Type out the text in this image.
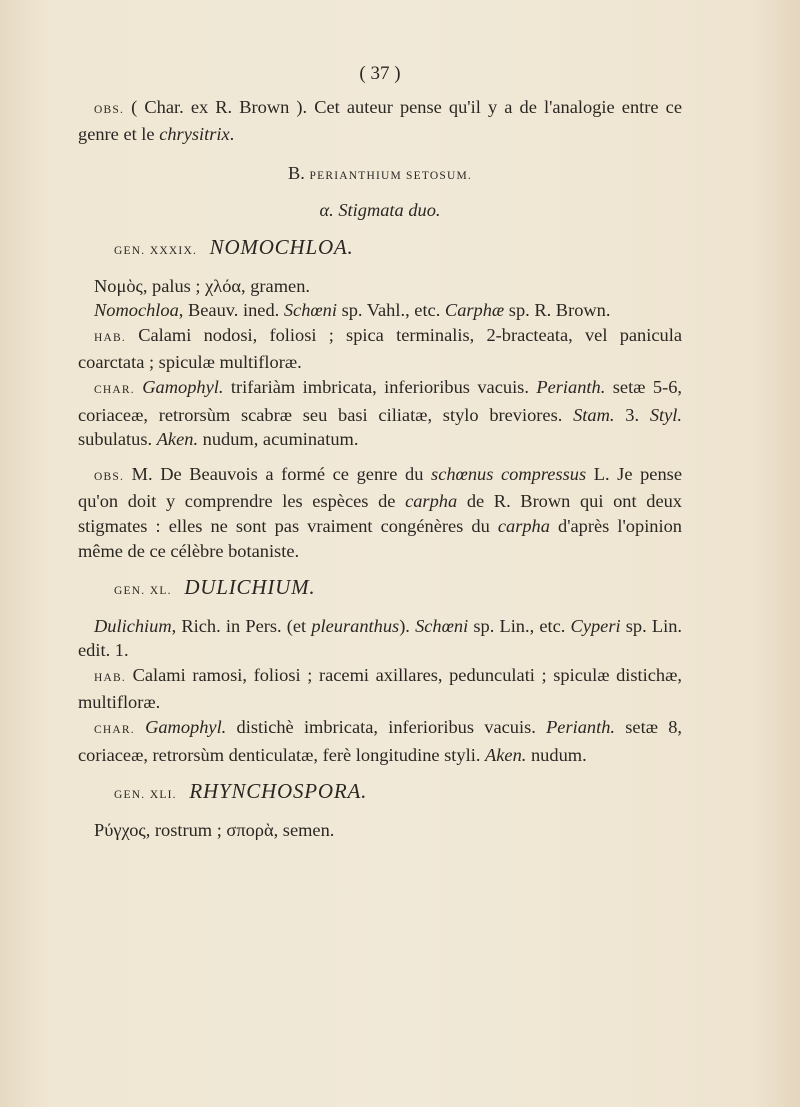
( 37 )

OBS. ( Char. ex R. Brown ). Cet auteur pense qu'il y a de l'analogie entre ce genre et le chrysitrix.

B. PERIANTHIUM SETOSUM.
α. Stigmata duo.
GEN. XXXIX. NOMOCHLOA.

Νομὸς, palus ; χλόα, gramen.

Nomochloa, Beauv. ined. Schœni sp. Vahl., etc. Carphæ sp. R. Brown.

HAB. Calami nodosi, foliosi ; spica terminalis, 2-bracteata, vel panicula coarctata ; spiculæ multifloræ.

CHAR. Gamophyl. trifariàm imbricata, inferioribus vacuis. Perianth. setæ 5-6, coriaceæ, retrorsùm scabræ seu basi ciliatæ, stylo breviores. Stam. 3. Styl. subulatus. Aken. nudum, acuminatum.

OBS. M. De Beauvois a formé ce genre du schœnus compressus L. Je pense qu'on doit y comprendre les espèces de carpha de R. Brown qui ont deux stigmates : elles ne sont pas vraiment congénères du carpha d'après l'opinion même de ce célèbre botaniste.

GEN. XL. DULICHIUM.

Dulichium, Rich. in Pers. (et pleuranthus). Schœni sp. Lin., etc. Cyperi sp. Lin. edit. 1.

HAB. Calami ramosi, foliosi ; racemi axillares, pedunculati ; spiculæ distichæ, multifloræ.

CHAR. Gamophyl. distichè imbricata, inferioribus vacuis. Perianth. setæ 8, coriaceæ, retrorsùm denticulatæ, ferè longitudine styli. Aken. nudum.

GEN. XLI. RHYNCHOSPORA.

Ρύγχος, rostrum ; σπορὰ, semen.
